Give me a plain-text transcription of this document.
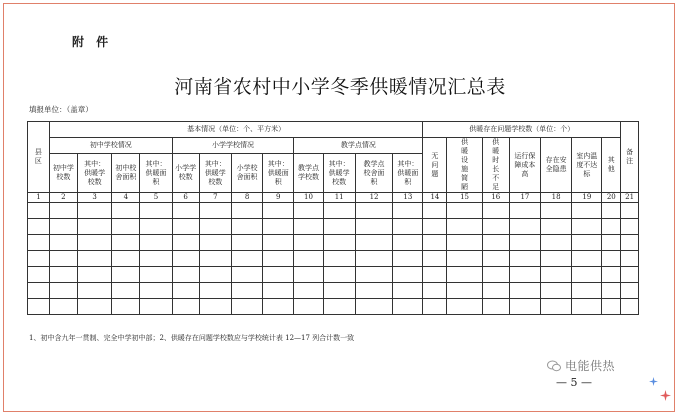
附 件
河南省农村中小学冬季供暖情况汇总表
填报单位：（盖章）
县区	基本情况（单位：个、平方米）												供暖存在问题学校数（单位：个）							备注
	初中学校情况				小学学校情况				教学点情况				无问题	供暖设施简陋	供暖时长不足	运行保障成本高	存在安全隐患	室内温度不达标	其他	
	初中学校数	其中：供暖学校数	初中校舍面积	其中：供暖面积	小学学校数	其中：供暖学校数	小学校舍面积	其中：供暖面积	教学点学校数	其中：供暖学校数	教学点校舍面积	其中：供暖面积								
1	2	3	4	5	6	7	8	9	10	11	12	13	14	15	16	17	18	19	20	21

1、初中含九年一贯制、完全中学初中部；2、供暖存在问题学校数应与学校统计表 12—17 列合计数一致
电能供热
— 5 —
